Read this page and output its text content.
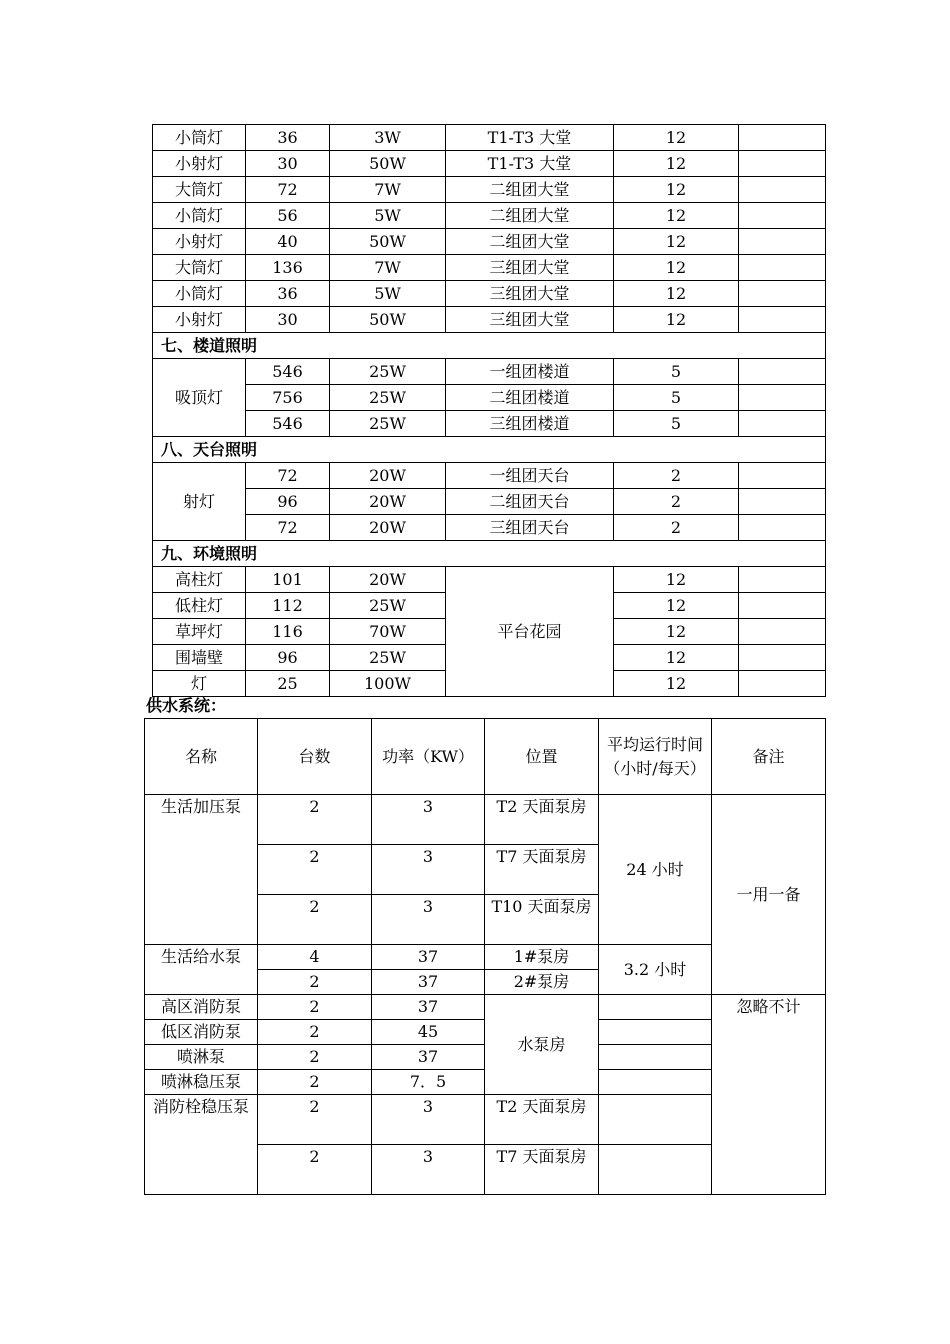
小筒灯	36	3W	T1-T3 大堂	12	
小射灯	30	50W	T1-T3 大堂	12	
大筒灯	72	7W	二组团大堂	12	
小筒灯	56	5W	二组团大堂	12	
小射灯	40	50W	二组团大堂	12	
大筒灯	136	7W	三组团大堂	12	
小筒灯	36	5W	三组团大堂	12	
小射灯	30	50W	三组团大堂	12	
七、楼道照明					
吸顶灯	546	25W	一组团楼道	5	
	756	25W	二组团楼道	5	
	546	25W	三组团楼道	5	
八、天台照明					
射灯	72	20W	一组团天台	2	
	96	20W	二组团天台	2	
	72	20W	三组团天台	2	
九、环境照明					
高柱灯	101	20W	平台花园	12	
低柱灯	112	25W		12	
草坪灯	116	70W		12	
围墙壁	96	25W		12	
灯	25	100W		12	
供水系统：
名称	台数	功率（KW）	位置	平均运行时间（小时/每天）	备注
生活加压泵	2	3	T2 天面泵房	24 小时	一用一备
	2	3	T7 天面泵房		
	2	3	T10 天面泵房		
生活给水泵	4	37	1#泵房	3.2 小时	
	2	37	2#泵房		
高区消防泵	2	37	水泵房		忽略不计
低区消防泵	2	45			
喷淋泵	2	37			
喷淋稳压泵	2	7．5			
消防栓稳压泵	2	3	T2 天面泵房		
	2	3	T7 天面泵房		
